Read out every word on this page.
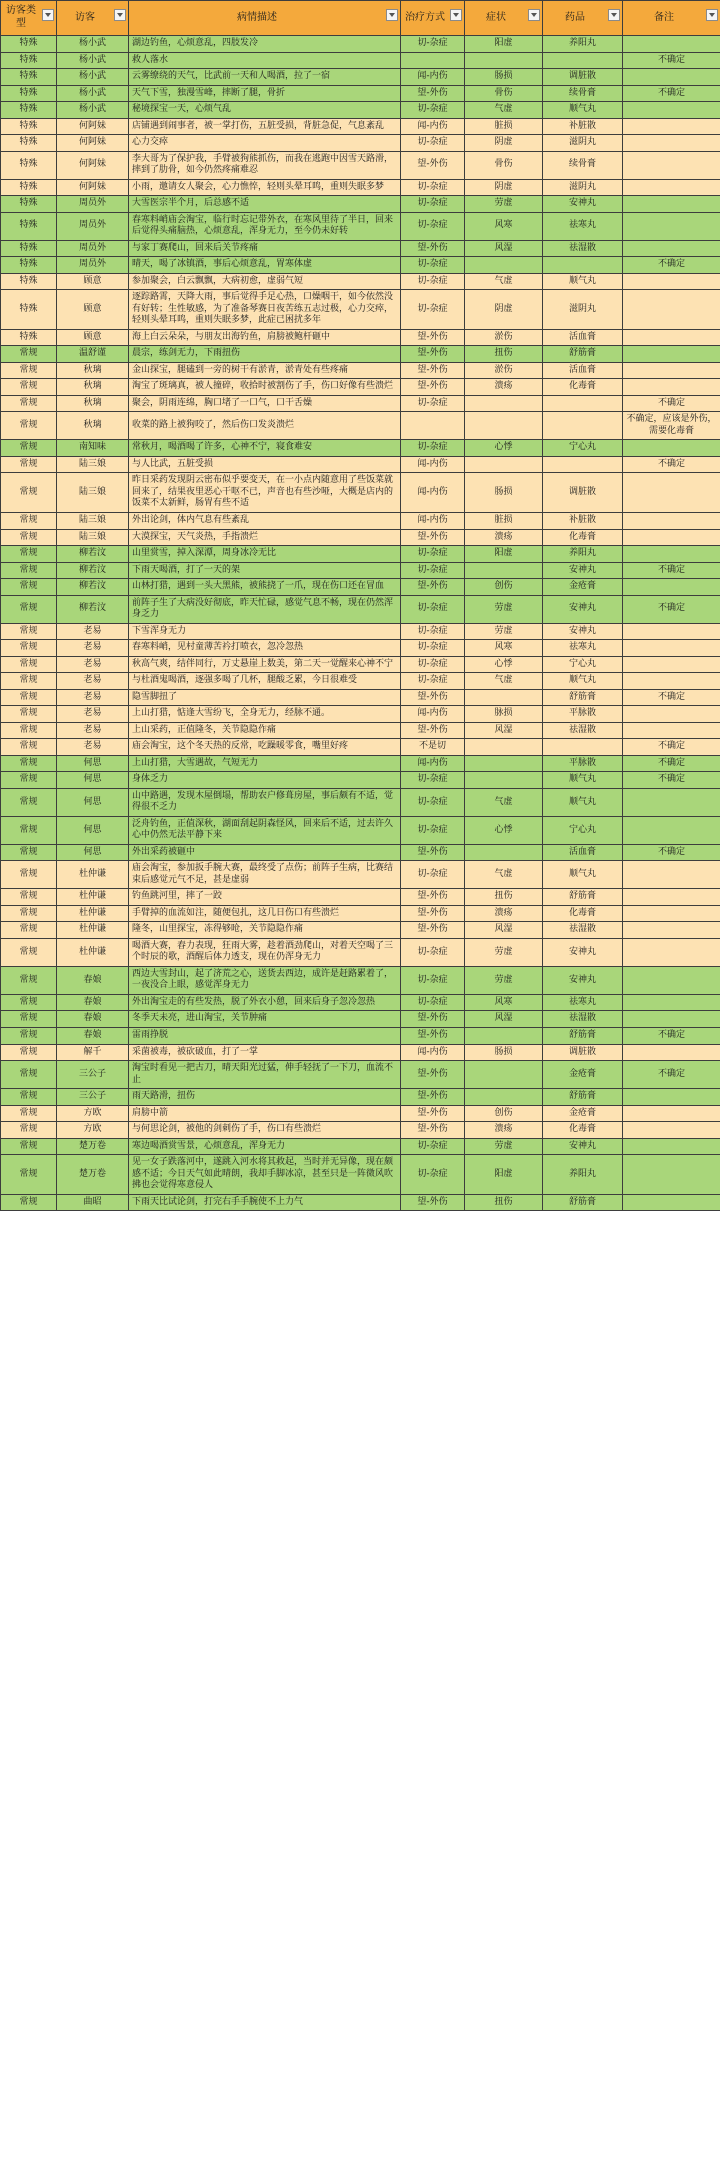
访客类型	访客	病情描述	治疗方式	症状	药品	备注

特殊	杨小武	湖边钓鱼，心烦意乱，四肢发冷	切-杂症	阳虚	养阳丸	
特殊	杨小武	救人落水				不确定
特殊	杨小武	云雾缭绕的天气，比武前一天和人喝酒，拉了一宿	闻-内伤	肠损	调脏散	
特殊	杨小武	天气下雪，独漫雪峰，摔断了腿，骨折	望-外伤	骨伤	续骨膏	不确定
特殊	杨小武	秘境探宝一天，心烦气乱	切-杂症	气虚	顺气丸	
特殊	何阿妹	店铺遇到闹事者，被一掌打伤，五脏受损，背脏急促，气息紊乱	闻-内伤	脏损	补脏散	
特殊	何阿妹	心力交瘁	切-杂症	阴虚	滋阴丸	
特殊	何阿妹	李大哥为了保护我，手臂被狗熊抓伤，而我在逃跑中因雪天路滑，摔到了肋骨，如今仍然疼痛难忍	望-外伤	骨伤	续骨膏	
特殊	何阿妹	小雨，邀请女人聚会，心力憔悴，轻则头晕耳鸣，重则失眠多梦	切-杂症	阴虚	滋阴丸	
特殊	周员外	大雪医宗半个月，后总感不适	切-杂症	劳虚	安神丸	
特殊	周员外	春寒料峭庙会淘宝，临行时忘记带外衣，在寒风里待了半日，回来后觉得头痛脑热，心烦意乱，浑身无力，至今仍未好转	切-杂症	风寒	祛寒丸	
特殊	周员外	与家丁赛爬山，回来后关节疼痛	望-外伤	风湿	祛湿散	
特殊	周员外	晴天，喝了冰镇酒，事后心烦意乱，胃寒体虚	切-杂症			不确定
特殊	顾意	参加聚会，白云飘飘，大病初愈，虚弱气短	切-杂症	气虚	顺气丸	
特殊	顾意	逐踪路霄，天降大雨，事后觉得手足心热，口燥咽干，如今依然没有好转；生性敏感，为了准备琴赛日夜苦练五志过极，心力交瘁，轻则头晕耳鸣，重则失眠多梦，此症已困扰多年	切-杂症	阴虚	滋阴丸	
特殊	顾意	海上白云朵朵，与朋友出海钓鱼，肩膀被鲍杆砸中	望-外伤	淤伤	活血膏	
常规	温舒谨	晨宗，练剑无力，下雨扭伤	望-外伤	扭伤	舒筋膏	
常规	秋璃	金山探宝，腿磕到一旁的树干有淤青，淤青处有些疼痛	望-外伤	淤伤	活血膏	
常规	秋璃	淘宝了斑璃真，被人撞碎，收拾时被割伤了手，伤口好像有些溃烂	望-外伤	溃疡	化毒膏	
常规	秋璃	聚会，阴雨连绵，胸口堵了一口气，口干舌燥	切-杂症			不确定
常规	秋璃	收菜的路上被狗咬了，然后伤口发炎溃烂				不确定，应该是外伤，需要化毒膏
常规	南知味	常秋月，喝酒喝了许多，心神不宁，寝食难安	切-杂症	心悸	宁心丸	
常规	陆三娘	与人比武，五脏受损	闻-内伤			不确定
常规	陆三娘	昨日采药发现阴云密布似乎要变天，在一小点内随意用了些饭菜就回来了，结果夜里恶心干呕不已，声音也有些沙哑，大概是店内的饭菜不太新鲜，肠胃有些不适	闻-内伤	肠损	调脏散	
常规	陆三娘	外出论剑，体内气息有些紊乱	闻-内伤	脏损	补脏散	
常规	陆三娘	大漠探宝，天气炎热，手指溃烂	望-外伤	溃疡	化毒膏	
常规	柳若汶	山里赏雪，掉入深潭，周身冰冷无比	切-杂症	阳虚	养阳丸	
常规	柳若汶	下雨天喝酒，打了一天的架	切-杂症		安神丸	不确定
常规	柳若汶	山林打猎，遇到一头大黑熊，被熊挠了一爪，现在伤口还在冒血	望-外伤	创伤	金疮膏	
常规	柳若汶	前阵子生了大病没好彻底，昨天忙碌，感觉气息不畅，现在仍然浑身乏力	切-杂症	劳虚	安神丸	不确定
常规	老易	下雪浑身无力	切-杂症	劳虚	安神丸	
常规	老易	春寒料峭，见村童薄苦衿打喷衣，忽冷忽热	切-杂症	风寒	祛寒丸	
常规	老易	秋高气爽，结伴同行，万丈悬崖上数美，第二天一觉醒来心神不宁	切-杂症	心悸	宁心丸	
常规	老易	与杜酒鬼喝酒，逐强多喝了几杯，腿酸乏累，今日很难受	切-杂症	气虚	顺气丸	
常规	老易	隐雪脚扭了	望-外伤		舒筋膏	不确定
常规	老易	上山打猎，惦逢大雪纷飞，全身无力，经脉不通。	闻-内伤	脉损	平脉散	
常规	老易	上山采药，正值隆冬，关节隐隐作痛	望-外伤	风湿	祛湿散	
常规	老易	庙会淘宝，这个冬天热的反常，吃躁暖零食，嘴里好疼	不是切			不确定
常规	何思	上山打猎，大雪遇故，气短无力	闻-内伤		平脉散	不确定
常规	何思	身体乏力	切-杂症		顺气丸	不确定
常规	何思	山中路遇，发现木屋倒塌，帮助农户修葺房屋，事后颇有不适，觉得很不乏力	切-杂症	气虚	顺气丸	
常规	何思	泛舟钓鱼，正值深秋，湖面刮起阴森怪风，回来后不适，过去许久心中仍然无法平静下来	切-杂症	心悸	宁心丸	
常规	何思	外出采药被砸中	望-外伤		活血膏	不确定
常规	杜仲谦	庙会淘宝，参加扳手腕大赛，最终受了点伤；前阵子生病，比赛结束后感觉元气不足，甚是虚弱	切-杂症	气虚	顺气丸	
常规	杜仲谦	钓鱼跳河里，摔了一跤	望-外伤	扭伤	舒筋膏	
常规	杜仲谦	手臂掉的血流如注，随便包扎，这几日伤口有些溃烂	望-外伤	溃疡	化毒膏	
常规	杜仲谦	隆冬，山里探宝，冻得够呛，关节隐隐作痛	望-外伤	风湿	祛湿散	
常规	杜仲谦	喝酒大赛，舂力表现，狂雨大雾，趁着酒劲爬山，对着天空喝了三个时辰的歌，酒醒后体力透支，现在仍浑身无力	切-杂症	劳虚	安神丸	
常规	春娘	西边大雪封山，起了济荒之心，送货去西边，成许是赶路累着了，一夜没合上眼，感觉浑身无力	切-杂症	劳虚	安神丸	
常规	春娘	外出淘宝走的有些发热，脱了外衣小憩，回来后身子忽冷忽热	切-杂症	风寒	祛寒丸	
常规	春娘	冬季天未亮，进山淘宝，关节肿痛	望-外伤	风湿	祛湿散	
常规	春娘	雷雨挣脱	望-外伤		舒筋膏	不确定
常规	解千	采菌被毒，被砍破血，打了一掌	闻-内伤	肠损	调脏散	
常规	三公子	淘宝时看见一把古刀，晴天阳光过猛，伸手轻抚了一下刀，血流不止	望-外伤		金疮膏	不确定
常规	三公子	雨天路滑，扭伤	望-外伤		舒筋膏	
常规	方欧	肩膀中箭	望-外伤	创伤	金疮膏	
常规	方欧	与何思论剑，被他的剑刺伤了手，伤口有些溃烂	望-外伤	溃疡	化毒膏	
常规	楚万卷	寒边喝酒赏雪景，心烦意乱，浑身无力	切-杂症	劳虚	安神丸	
常规	楚万卷	见一女子跌落河中，遂跳入河水将其救起，当时并无异像，现在颇感不适；今日天气如此晴朗，我却手脚冰凉，甚至只是一阵微风吹拂也会觉得寒意侵人	切-杂症	阳虚	养阳丸	
常规	曲昭	下雨天比试论剑，打完右手手腕使不上力气	望-外伤	扭伤	舒筋膏	
